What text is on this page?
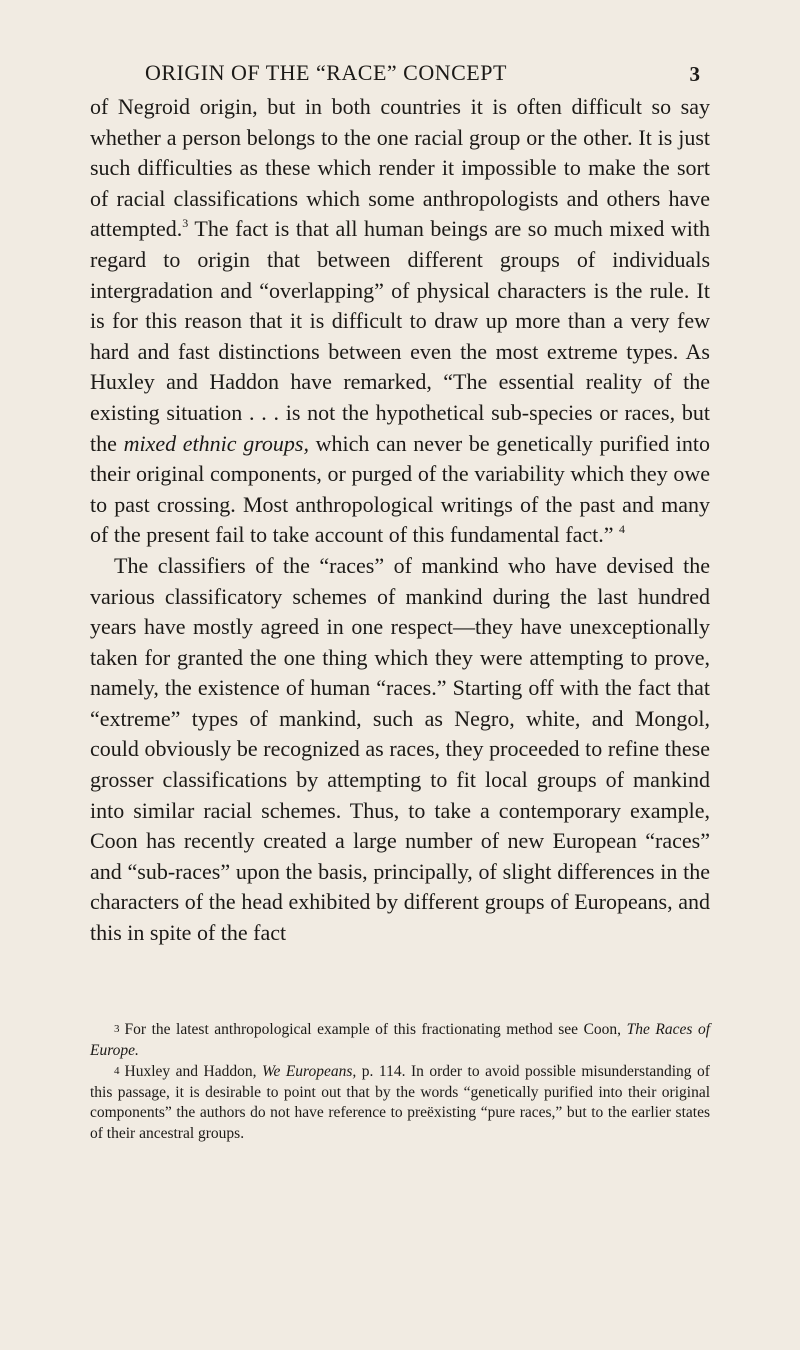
ORIGIN OF THE “RACE” CONCEPT	3

of Negroid origin, but in both countries it is often difficult so say whether a person belongs to the one racial group or the other. It is just such difficulties as these which render it impossible to make the sort of racial classifications which some anthropologists and others have attempted.$^3$ The fact is that all human beings are so much mixed with regard to origin that between different groups of individuals intergradation and “overlapping” of physical characters is the rule. It is for this reason that it is difficult to draw up more than a very few hard and fast distinctions between even the most extreme types. As Huxley and Haddon have remarked, “The essential reality of the existing situation . . . is not the hypothetical sub-species or races, but the mixed ethnic groups, which can never be genetically purified into their original components, or purged of the variability which they owe to past crossing. Most anthropological writings of the past and many of the present fail to take account of this fundamental fact.” $^4$

The classifiers of the “races” of mankind who have devised the various classificatory schemes of mankind during the last hundred years have mostly agreed in one respect—they have unexceptionally taken for granted the one thing which they were attempting to prove, namely, the existence of human “races.” Starting off with the fact that “extreme” types of mankind, such as Negro, white, and Mongol, could obviously be recognized as races, they proceeded to refine these grosser classifications by attempting to fit local groups of mankind into similar racial schemes. Thus, to take a contemporary example, Coon has recently created a large number of new European “races” and “sub-races” upon the basis, principally, of slight differences in the characters of the head exhibited by different groups of Europeans, and this in spite of the fact

3 For the latest anthropological example of this fractionating method see Coon, The Races of Europe.

4 Huxley and Haddon, We Europeans, p. 114. In order to avoid possible misunderstanding of this passage, it is desirable to point out that by the words “genetically purified into their original components” the authors do not have reference to preëxisting “pure races,” but to the earlier states of their ancestral groups.
